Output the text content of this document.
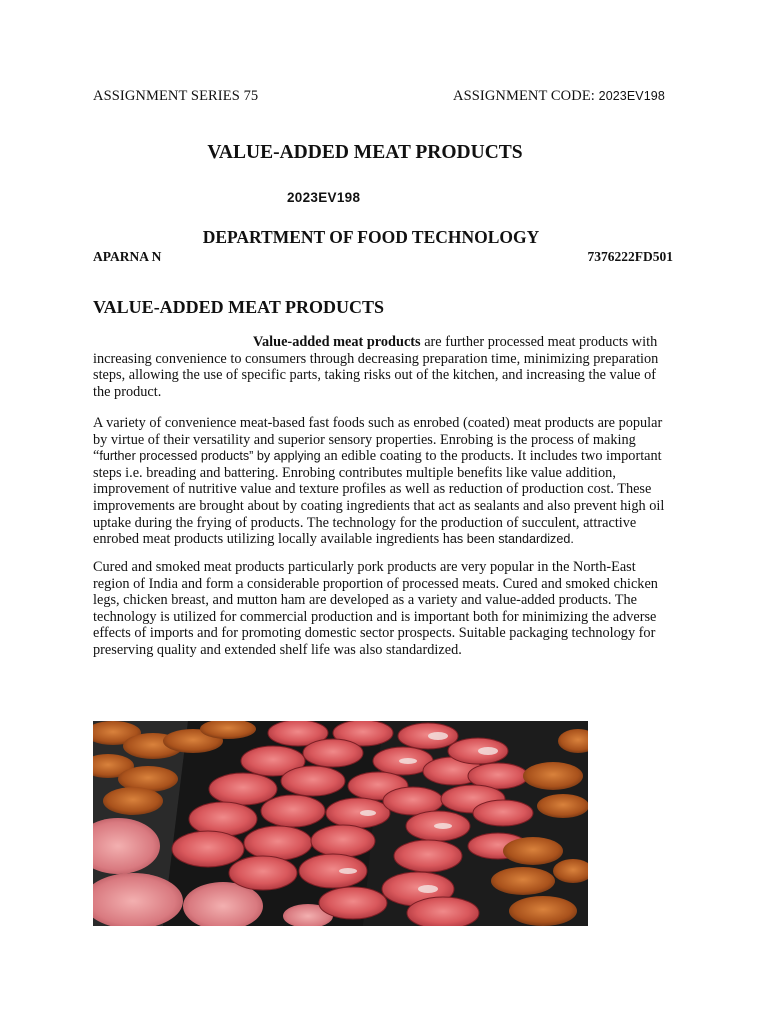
ASSIGNMENT SERIES 75	ASSIGNMENT CODE: 2023EV198
VALUE-ADDED MEAT PRODUCTS
2023EV198
DEPARTMENT OF FOOD TECHNOLOGY
APARNA N	7376222FD501
VALUE-ADDED MEAT PRODUCTS

Value-added meat products are further processed meat products with increasing convenience to consumers through decreasing preparation time, minimizing preparation steps, allowing the use of specific parts, taking risks out of the kitchen, and increasing the value of the product.

A variety of convenience meat-based fast foods such as enrobed (coated) meat products are popular by virtue of their versatility and superior sensory properties. Enrobing is the process of making “further processed products” by applying an edible coating to the products. It includes two important steps i.e. breading and battering. Enrobing contributes multiple benefits like value addition, improvement of nutritive value and texture profiles as well as reduction of production cost. These improvements are brought about by coating ingredients that act as sealants and also prevent high oil uptake during the frying of products. The technology for the production of succulent, attractive enrobed meat products utilizing locally available ingredients has been standardized.

Cured and smoked meat products particularly pork products are very popular in the North-East region of India and form a considerable proportion of processed meats. Cured and smoked chicken legs, chicken breast, and mutton ham are developed as a variety and value-added products. The technology is utilized for commercial production and is important both for minimizing the adverse effects of imports and for promoting domestic sector prospects. Suitable packaging technology for preserving quality and extended shelf life was also standardized.
